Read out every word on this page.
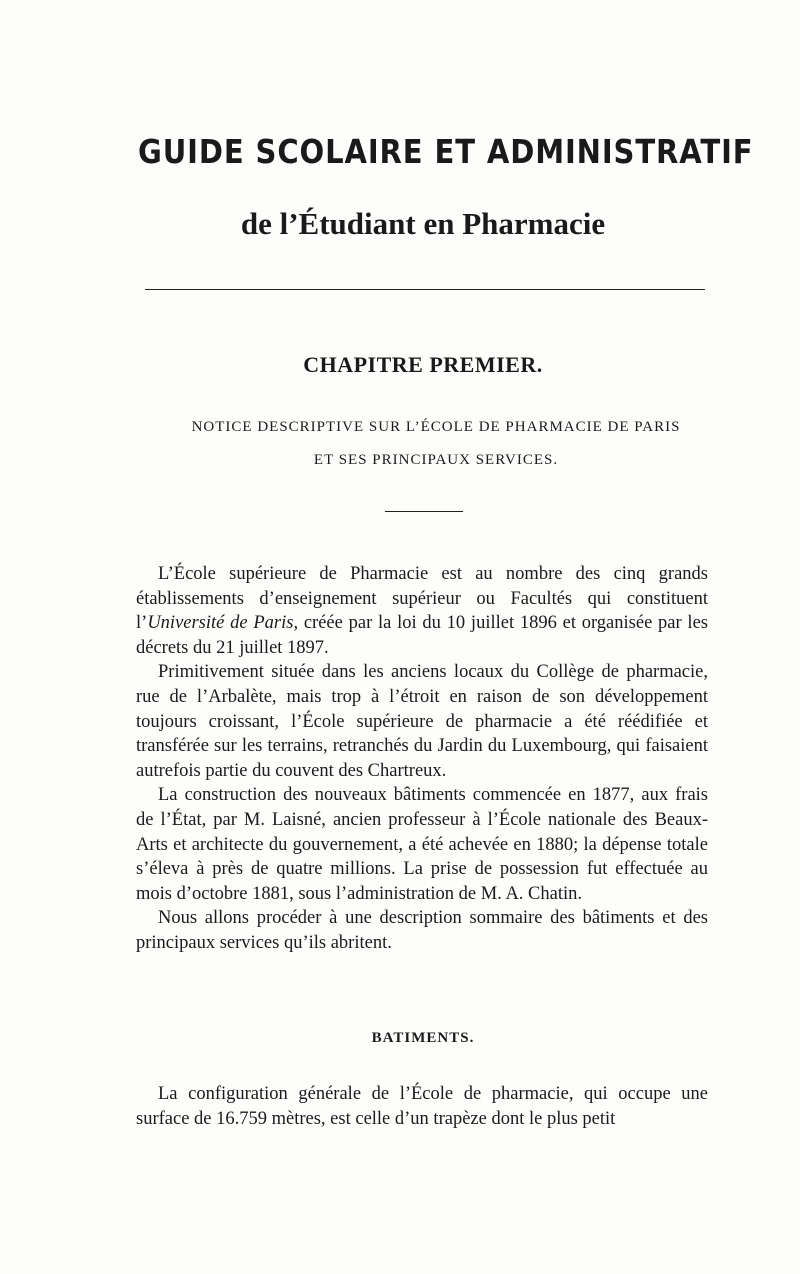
GUIDE SCOLAIRE ET ADMINISTRATIF
de l’Étudiant en Pharmacie
CHAPITRE PREMIER.
NOTICE DESCRIPTIVE SUR L’ÉCOLE DE PHARMACIE DE PARIS
ET SES PRINCIPAUX SERVICES.

L’École supérieure de Pharmacie est au nombre des cinq grands établissements d’enseignement supérieur ou Facultés qui constituent l’Université de Paris, créée par la loi du 10 juillet 1896 et organisée par les décrets du 21 juillet 1897.

Primitivement située dans les anciens locaux du Collège de pharmacie, rue de l’Arbalète, mais trop à l’étroit en raison de son développement toujours croissant, l’École supérieure de pharmacie a été réédifiée et transférée sur les terrains, retranchés du Jardin du Luxembourg, qui faisaient autrefois partie du couvent des Chartreux.

La construction des nouveaux bâtiments commencée en 1877, aux frais de l’État, par M. Laisné, ancien professeur à l’École nationale des Beaux-Arts et architecte du gouvernement, a été achevée en 1880; la dépense totale s’éleva à près de quatre millions. La prise de possession fut effectuée au mois d’octobre 1881, sous l’administration de M. A. Chatin.

Nous allons procéder à une description sommaire des bâtiments et des principaux services qu’ils abritent.

BATIMENTS.

La configuration générale de l’École de pharmacie, qui occupe une surface de 16.759 mètres, est celle d’un trapèze dont le plus petit
